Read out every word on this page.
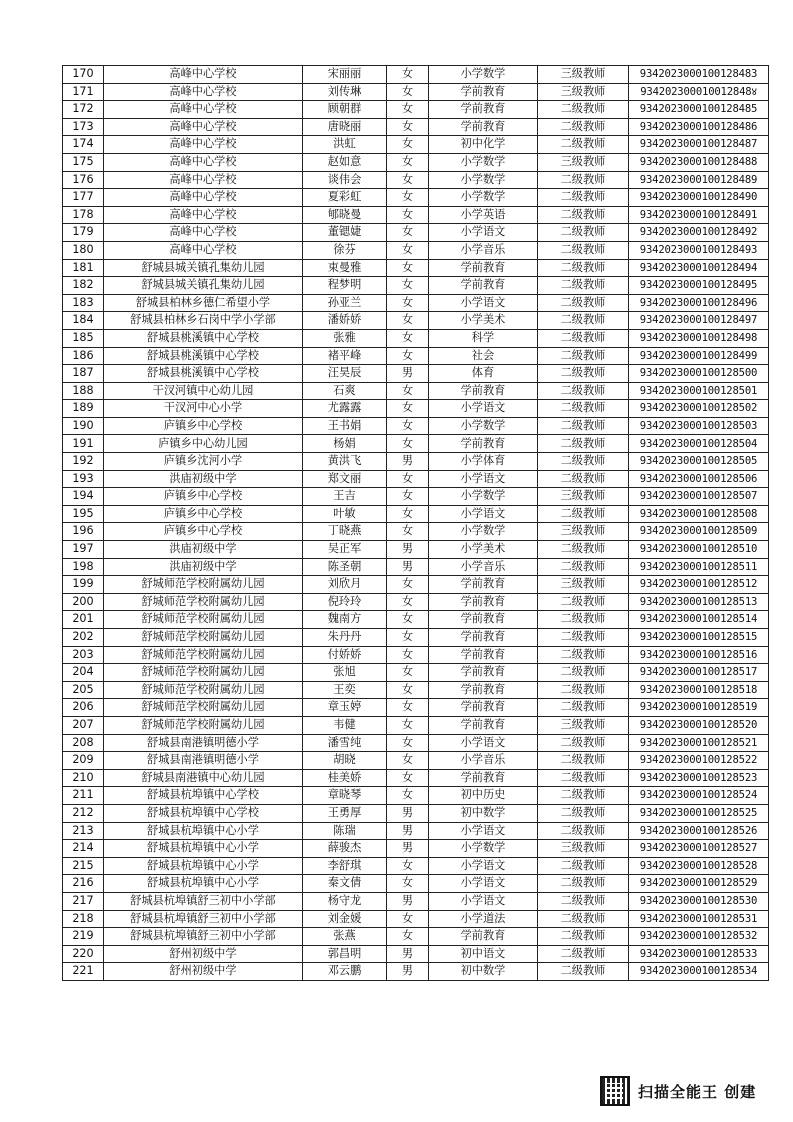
170	高峰中心学校	宋丽丽	女	小学数学	三级教师	934202300010012848З
171	高峰中心学校	刘传琳	女	学前教育	三级教师	934202300010012848४
172	高峰中心学校	顾朝群	女	学前教育	二级教师	9342023000100128485
173	高峰中心学校	唐晓丽	女	学前教育	二级教师	9342023000100128486
174	高峰中心学校	洪虹	女	初中化学	二级教师	9342023000100128487
175	高峰中心学校	赵如意	女	小学数学	三级教师	9342023000100128488
176	高峰中心学校	谈伟会	女	小学数学	二级教师	9342023000100128489
177	高峰中心学校	夏彩虹	女	小学数学	二级教师	9342023000100128490
178	高峰中心学校	郇晓曼	女	小学英语	二级教师	9342023000100128491
179	高峰中心学校	董锶婕	女	小学语文	二级教师	9342023000100128492
180	高峰中心学校	徐芬	女	小学音乐	二级教师	9342023000100128493
181	舒城县城关镇孔集幼儿园	束曼雅	女	学前教育	二级教师	9342023000100128494
182	舒城县城关镇孔集幼儿园	程梦明	女	学前教育	二级教师	9342023000100128495
183	舒城县柏林乡德仁希望小学	孙亚兰	女	小学语文	二级教师	9342023000100128496
184	舒城县柏林乡石岗中学小学部	潘娇娇	女	小学美术	二级教师	9342023000100128497
185	舒城县桃溪镇中心学校	张雅	女	科学	二级教师	9342023000100128498
186	舒城县桃溪镇中心学校	褚平峰	女	社会	二级教师	9342023000100128499
187	舒城县桃溪镇中心学校	汪昊辰	男	体育	二级教师	9342023000100128500
188	干汊河镇中心幼儿园	石爽	女	学前教育	二级教师	9342023000100128501
189	干汊河中心小学	尤露露	女	小学语文	二级教师	9342023000100128502
190	庐镇乡中心学校	王书娟	女	小学数学	二级教师	9342023000100128503
191	庐镇乡中心幼儿园	杨娟	女	学前教育	二级教师	9342023000100128504
192	庐镇乡沈河小学	黄洪飞	男	小学体育	二级教师	9342023000100128505
193	洪庙初级中学	郑文丽	女	小学语文	二级教师	9342023000100128506
194	庐镇乡中心学校	王吉	女	小学数学	三级教师	9342023000100128507
195	庐镇乡中心学校	叶敏	女	小学语文	二级教师	9342023000100128508
196	庐镇乡中心学校	丁晓燕	女	小学数学	三级教师	9342023000100128509
197	洪庙初级中学	吴正军	男	小学美术	二级教师	9342023000100128510
198	洪庙初级中学	陈圣朝	男	小学音乐	二级教师	9342023000100128511
199	舒城师范学校附属幼儿园	刘欣月	女	学前教育	三级教师	9342023000100128512
200	舒城师范学校附属幼儿园	倪玲玲	女	学前教育	二级教师	9342023000100128513
201	舒城师范学校附属幼儿园	魏南方	女	学前教育	二级教师	9342023000100128514
202	舒城师范学校附属幼儿园	朱丹丹	女	学前教育	二级教师	9342023000100128515
203	舒城师范学校附属幼儿园	付娇娇	女	学前教育	二级教师	9342023000100128516
204	舒城师范学校附属幼儿园	张旭	女	学前教育	二级教师	9342023000100128517
205	舒城师范学校附属幼儿园	王奕	女	学前教育	二级教师	9342023000100128518
206	舒城师范学校附属幼儿园	章玉婷	女	学前教育	二级教师	9342023000100128519
207	舒城师范学校附属幼儿园	韦健	女	学前教育	三级教师	9342023000100128520
208	舒城县南港镇明德小学	潘雪纯	女	小学语文	二级教师	9342023000100128521
209	舒城县南港镇明德小学	胡晓	女	小学音乐	二级教师	9342023000100128522
210	舒城县南港镇中心幼儿园	桂美娇	女	学前教育	二级教师	9342023000100128523
211	舒城县杭埠镇中心学校	章晓琴	女	初中历史	二级教师	9342023000100128524
212	舒城县杭埠镇中心学校	王勇厚	男	初中数学	二级教师	9342023000100128525
213	舒城县杭埠镇中心小学	陈瑞	男	小学语文	二级教师	9342023000100128526
214	舒城县杭埠镇中心小学	薛骏杰	男	小学数学	三级教师	9342023000100128527
215	舒城县杭埠镇中心小学	李舒琪	女	小学语文	二级教师	9342023000100128528
216	舒城县杭埠镇中心小学	秦文倩	女	小学语文	二级教师	9342023000100128529
217	舒城县杭埠镇舒三初中小学部	杨守龙	男	小学语文	二级教师	9342023000100128530
218	舒城县杭埠镇舒三初中小学部	刘金媛	女	小学道法	二级教师	9342023000100128531
219	舒城县杭埠镇舒三初中小学部	张燕	女	学前教育	二级教师	9342023000100128532
220	舒州初级中学	郭昌明	男	初中语文	二级教师	9342023000100128533
221	舒州初级中学	邓云鹏	男	初中数学	二级教师	9342023000100128534
扫描全能王 创建
